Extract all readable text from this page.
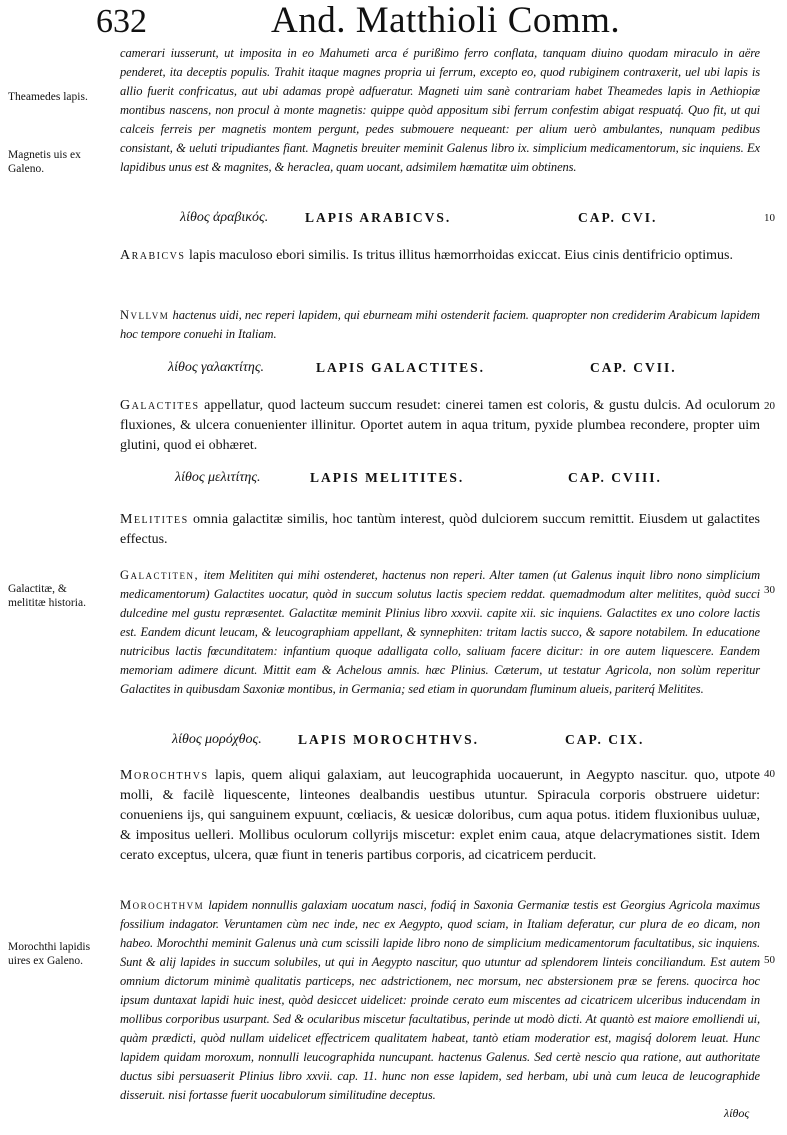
632	And. Matthioli Comm.

camerari iusserunt, ut imposita in eo Mahumeti arca é purißimo ferro conflata, tanquam diuino quodam miraculo in aëre penderet, ita deceptis populis. Trahit itaque magnes propria ui ferrum, excepto eo, quod rubiginem contraxerit, uel ubi lapis is allio fuerit confricatus, aut ubi adamas propè adfueratur. Magneti uim sanè contrariam habet Theamedes lapis in Aethiopiæ montibus nascens, non procul à monte magnetis: quippe quòd appositum sibi ferrum confestim abigat respuatq́. Quo fit, ut qui calceis ferreis per magnetis montem pergunt, pedes submouere nequeant: per alium uerò ambulantes, nunquam pedibus consistant, & ueluti tripudiantes fiant. Magnetis breuiter meminit Galenus libro ix. simplicium medicamentorum, sic inquiens. Ex lapidibus unus est & magnites, & heraclea, quam uocant, adsimilem hæmatitæ uim obtinens.

λίθος ἀραβικός.	LAPIS ARABICVS.	CAP. CVI.

Arabicvs lapis maculoso ebori similis. Is tritus illitus hæmorrhoidas exiccat. Eius cinis dentifricio optimus.

Nvllvm hactenus uidi, nec reperi lapidem, qui eburneam mihi ostenderit faciem. quapropter non crediderim Arabicum lapidem hoc tempore conuehi in Italiam.

λίθος γαλακτίτης.	LAPIS GALACTITES.	CAP. CVII.

Galactites appellatur, quod lacteum succum resudet: cinerei tamen est coloris, & gustu dulcis. Ad oculorum fluxiones, & ulcera conuenienter illinitur. Oportet autem in aqua tritum, pyxide plumbea recondere, propter uim glutini, quod ei obhæret.

λίθος μελιτίτης.	LAPIS MELITITES.	CAP. CVIII.

Melitites omnia galactitæ similis, hoc tantùm interest, quòd dulciorem succum remittit. Eiusdem ut galactites effectus.

Galactiten, item Melititen qui mihi ostenderet, hactenus non reperi. Alter tamen (ut Galenus inquit libro nono simplicium medicamentorum) Galactites uocatur, quòd in succum solutus lactis speciem reddat. quemadmodum alter melitites, quòd succi dulcedine mel gustu repræsentet. Galactitæ meminit Plinius libro xxxvii. capite xii. sic inquiens. Galactites ex uno colore lactis est. Eandem dicunt leucam, & leucographiam appellant, & synnephiten: tritam lactis succo, & sapore notabilem. In educatione nutricibus lactis fœcunditatem: infantium quoque adalligata collo, saliuam facere dicitur: in ore autem liquescere. Eandem memoriam adimere dicunt. Mittit eam & Achelous amnis. hæc Plinius. Cæterum, ut testatur Agricola, non solùm reperitur Galactites in quibusdam Saxoniæ montibus, in Germania; sed etiam in quorundam fluminum alueis, pariterq́ Melitites.

λίθος μορόχθος.	LAPIS MOROCHTHVS.	CAP. CIX.

Morochthvs lapis, quem aliqui galaxiam, aut leucographida uocauerunt, in Aegypto nascitur. quo, utpote molli, & facilè liquescente, linteones dealbandis uestibus utuntur. Spiracula corporis obstruere uidetur: conueniens ijs, qui sanguinem expuunt, cœliacis, & uesicæ doloribus, cum aqua potus. itidem fluxionibus uuluæ, & impositus uelleri. Mollibus oculorum collyrijs miscetur: explet enim caua, atque delacrymationes sistit. Idem cerato exceptus, ulcera, quæ fiunt in teneris partibus corporis, ad cicatricem perducit.

Morochthvm lapidem nonnullis galaxiam uocatum nasci, fodiq́ in Saxonia Germaniæ testis est Georgius Agricola maximus fossilium indagator. Veruntamen cùm nec inde, nec ex Aegypto, quod sciam, in Italiam deferatur, cur plura de eo dicam, non habeo. Morochthi meminit Galenus unà cum scissili lapide libro nono de simplicium medicamentorum facultatibus, sic inquiens. Sunt & alij lapides in succum solubiles, ut qui in Aegypto nascitur, quo utuntur ad splendorem linteis conciliandum. Est autem omnium dictorum minimè qualitatis particeps, nec adstrictionem, nec morsum, nec abstersionem præ se ferens. quocirca hoc ipsum duntaxat lapidi huic inest, quòd desiccet uidelicet: proinde cerato eum miscentes ad cicatricem ulceribus inducendam in mollibus corporibus usurpant. Sed & ocularibus miscetur facultatibus, perinde ut modò dicti. At quantò est maiore emolliendi ui, quàm prædicti, quòd nullam uidelicet effectricem qualitatem habeat, tantò etiam moderatior est, magisq́ dolorem leuat. Hunc lapidem quidam moroxum, nonnulli leucographida nuncupant. hactenus Galenus. Sed certè nescio qua ratione, aut authoritate ductus sibi persuaserit Plinius libro xxvii. cap. 11. hunc non esse lapidem, sed herbam, ubi unà cum leuca de leucographide disseruit. nisi fortasse fuerit uocabulorum similitudine deceptus.

Theamedes lapis.
Magnetis uis ex Galeno.
Galactitæ, & melititæ historia.
Morochthi lapidis uires ex Galeno.
10
20
30
40
50
λίθος
